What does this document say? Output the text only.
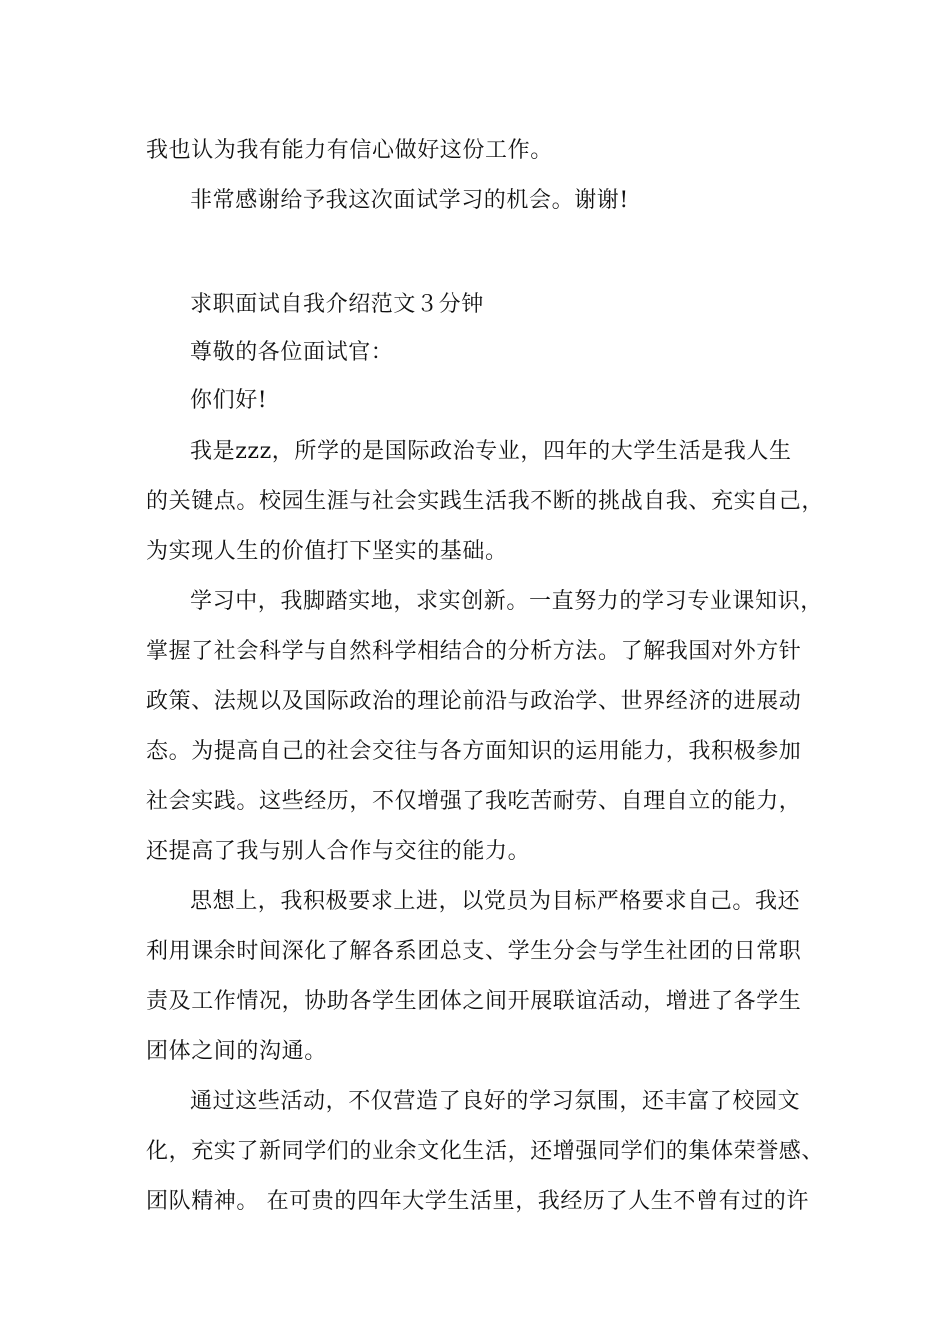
我也认为我有能力有信心做好这份工作。
非常感谢给予我这次面试学习的机会。谢谢!
求职面试自我介绍范文３分钟
尊敬的各位面试官：
你们好!
我是zzz，所学的是国际政治专业，四年的大学生活是我人生
的关键点。校园生涯与社会实践生活我不断的挑战自我、充实自己，
为实现人生的价值打下坚实的基础。
学习中，我脚踏实地，求实创新。一直努力的学习专业课知识，
掌握了社会科学与自然科学相结合的分析方法。了解我国对外方针
政策、法规以及国际政治的理论前沿与政治学、世界经济的进展动
态。为提高自己的社会交往与各方面知识的运用能力，我积极参加
社会实践。这些经历，不仅增强了我吃苦耐劳、自理自立的能力，
还提高了我与别人合作与交往的能力。
思想上，我积极要求上进，以党员为目标严格要求自己。我还
利用课余时间深化了解各系团总支、学生分会与学生社团的日常职
责及工作情况，协助各学生团体之间开展联谊活动，增进了各学生
团体之间的沟通。
通过这些活动，不仅营造了良好的学习氛围，还丰富了校园文
化，充实了新同学们的业余文化生活，还增强同学们的集体荣誉感、
团队精神。 在可贵的四年大学生活里，我经历了人生不曾有过的许
